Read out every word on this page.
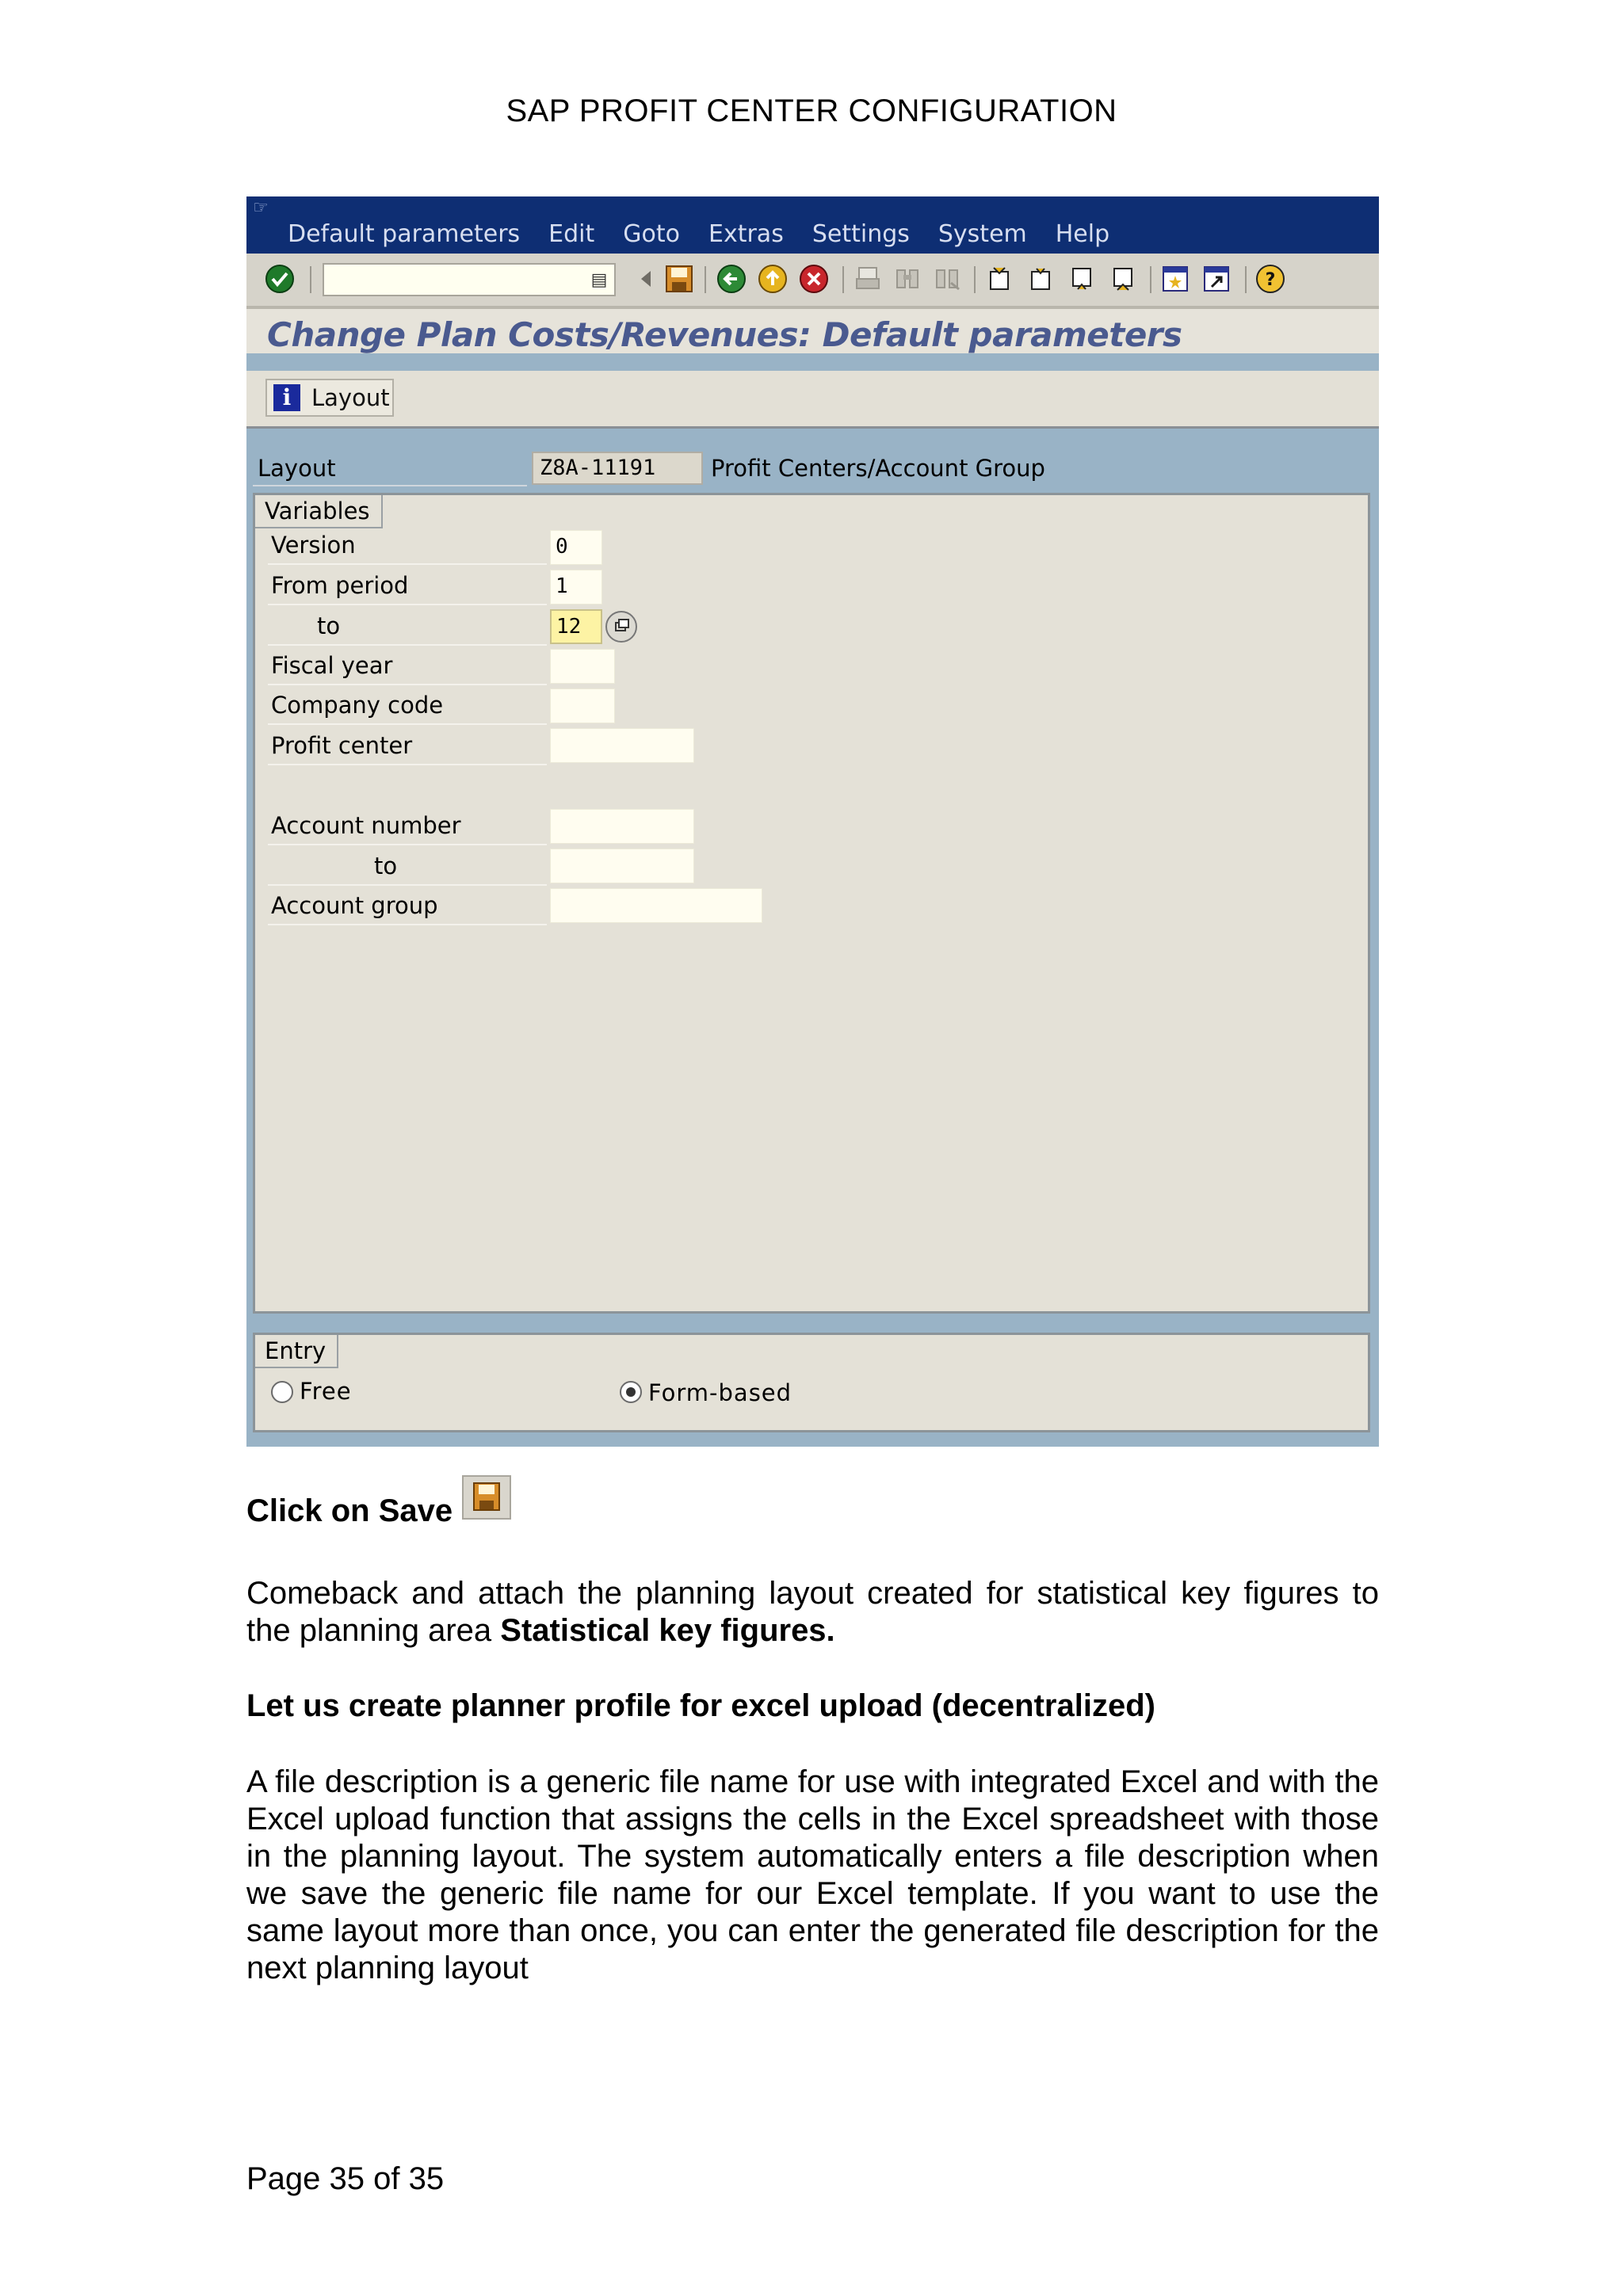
SAP PROFIT CENTER CONFIGURATION
☞
Default parameters Edit Goto Extras Settings System Help
▤	?
Change Plan Costs/Revenues: Default parameters
i Layout
Layout	Z8A-11191	Profit Centers/Account Group
Variables
Version	0
From period	1
to	12
Fiscal year
Company code
Profit center
Account number
to
Account group
Entry
Free	Form-based
Click on Save
Comeback and attach the planning layout created for statistical key figures to the planning area Statistical key figures.
Let us create planner profile for excel upload (decentralized)
A file description is a generic file name for use with integrated Excel and with the Excel upload function that assigns the cells in the Excel spreadsheet with those in the planning layout. The system automatically enters a file description when we save the generic file name for our Excel template. If you want to use the same layout more than once, you can enter the generated file description for the next planning layout
Page 35 of 35
